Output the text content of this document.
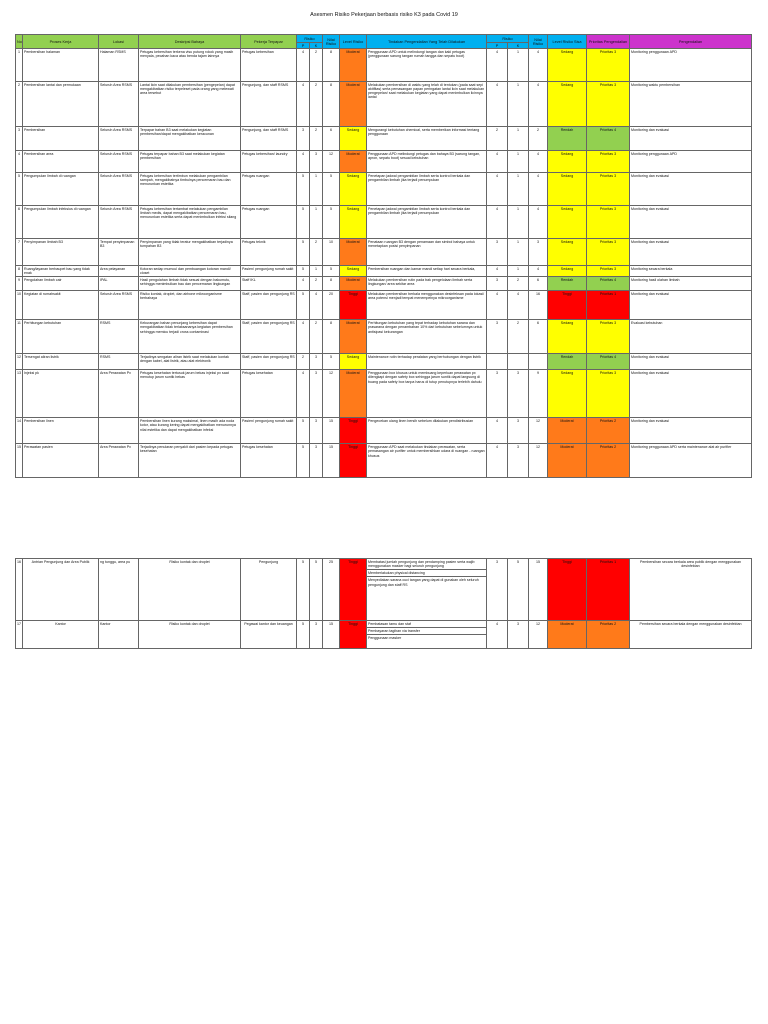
Asesmen Risiko Pekerjaan berbasis risiko K3 pada Covid 19
No	Proses Kerja	Lokasi	Deskripsi Bahaya	Pekerja Terpapar	Risiko		Nilai Risiko	Level Risiko	Tindakan Pengendalian Yang Telah Dilakukan	Risiko		Nilai Risiko	Level Risiko Sisa	Prioritas Pengendalian	Pengendalian
					P	K				P	K				
1	Pembersihan halaman	Halaman RSMS	Petugas kebersihan terkena visu putung rokok yang masih menyala, pecahan kaca atau benda tajam lainnya	Petugas kebersihan	4	2	8	Moderat	Penggunaan APD untuk melindungi tangan dan kaki petugas (penggunaan sarung tangan rumah tangga dan sepatu boot)	4	1	4	Sedang	Prioritas 3	Monitoring penggunaan APD
2	Pembersihan lantai dan permukaan	Seluruh Area RSMS	Lantai licin saat dilakukan pembersihan (pengepelan) dapat mengakibatkan risiko terpeleset pada orang yang melewati area tersebut	Pengunjung, dan staff RSMS	4	2	8	Moderat	Melakukan pembersihan di waktu yang telah di tentukan (pada saat sepi aktifitas) serta pemasangan papan peringatan lantai licin saat melakukan pengepelan/ saat melakukan kegiatan yang dapat menimbulkan licinnya lantai	4	1	4	Sedang	Prioritas 3	Monitoring waktu pembersihan
3	Pembersihan	Seluruh Area RSMS	Terpapar bahan B3 saat melakukan kegiatan pembersihan/dapat mengakibatkan keracunan	Pengunjung, dan staff RSMS	3	2	6	Sedang	Mengurangi kebutuhan chemical, serta memberikan informasi tentang penggunaan	2	1	2	Rendah	Prioritas 4	Monitoring dan evaluasi
4	Pembersihan area	Seluruh Area RSMS	Petugas terpapar bahan B3 saat melakukan kegiatan pembersihan	Petugas kebersihan/ laundry	4	3	12	Moderat	Penggunaan APD melindungi petugas dan bahaya B3 (sarung tangan, apron, sepatu boot) sesuai kebutuhan	4	1	4	Sedang	Prioritas 3	Monitoring penggunaan APD
5	Pengumpulan limbah di ruangan	Seluruh Area RSMS	Petugas kebersihan tertimbun melakukan pengambilan sampah, mengakibatnya timbulnya pencemaran bau dan menurunkan estetika	Petugas ruangan	5	1	5	Sedang	Penetapan jadwal pengambilan limbah serta kontrol berkala dan pengambilan limbah jika terjadi penumpukan	4	1	4	Sedang	Prioritas 3	Monitoring dan evaluasi
6	Pengumpulan limbah infeksius di ruangan	Seluruh Area RSMS	Petugas kebersihan tertambat melakukan pengambilan limbah medis, dapat mengakibatkan pencemaran bau, menurunkan estetika serta dapat menimbulkan infeksi silang	Petugas ruangan	5	1	5	Sedang	Penetapan jadwal pengambilan limbah serta kontrol berkala dan pengambilan limbah jika terjadi penumpukan	4	1	4	Sedang	Prioritas 3	Monitoring dan evaluasi
7	Penyimpanan limbah B3	Tempat penyimpanan B3	Penyimpanan yang tidak teratur mengakibatkan terjadinya tumpahan B3	Petugas teknik	5	2	10	Moderat	Penataan ruangan B3 dengan penamaan dan simbol bahaya untuk menetapkan posisi penyimpanan	3	1	3	Sedang	Prioritas 3	Monitoring dan evaluasi
8	Ruang/layanan berbaupet bau yang tidak enak	Area pelayanan	Kotoran sedap mumcul dan pembuangan kotoran mandi/ closet	Pasien/ pengunjung rumah sakit	5	1	5	Sedang	Pembersihan ruangan dan kamar mandi setiap hari secara berkala,	4	1	4	Sedang	Prioritas 3	Monitoring secara berkala
9	Pengolahan limbah cair	IPAL	Hasil pengolahan limbah tidak sesuai dengan bakumutu, sehingga menimbulkan bau dan pencemaran lingkungan	Staff IKL	4	2	8	Moderat	Melakukan pembersihan rutin pada bak pengelolaan limbah serta lingkungan/ area sekitar area	3	2	6	Rendah	Prioritas 4	Monitoring hasil olahan limbah
10	Kegiatan di rumahsakit	Seluruh Area RSMS	Risiko kontak, droplet, dan airbone mikroorganisme berbahaya	Staff, pasien dan pengunjung RS	5	4	20	Tinggi	Melakukan pembersihan berkala menggunakan desinfeksan pada lokasi/ area potensi menjadi tempat menempelnya mikroorganisme	4	4	16	Tinggi	Prioritas 1	Monitoring dan evaluasi
11	Perhitungan kebutuhan	RSMS	Kekurangan bahan penunjang kebersihan dapat mengakibatkan tidak terlaksananya kegiatan pembersihan sehingga memicu terjadi cross contaminasi	Staff, pasien dan pengunjung RS	4	2	8	Moderat	Perhitungan kebutuhan yang tepat terhadap kebutuhan sarana dan prasarana dengan penambahan 10% dari kebutuhan sebelumnya untuk antisipasi kekurangan	3	2	6	Sedang	Prioritas 3	Evaluasi kebutuhan
12	Tersengat aliran listrik	RSMS	Terjadinya sengatan aliran listrik saat melakukan kontak dengan kabel, alat listrik, atau alat elektronik	Staff, pasien dan pengunjung RS	2	3	5	Sedang	Maintenance rutin terhadap peralatan yang berhubungan dengan listrik				Rendah	Prioritas 4	Monitoring dan evaluasi
13	Injeksi pk	Area Perawatan Px	Petugas kesehatan tertusuk jarum bekas injeksi px saat menutup jarum suntik bekas	Petugas kesehatan	4	3	12	Moderat	Penggunaan box khusus untuk membuang keperluan perawatan px dilengkapi dengan safety box sehingga jarum suntik dapat langsung di buang pada safety box tanpa harus di tutup penutupnya terlebih dahulu	3	3	9	Sedang	Prioritas 3	Monitoring dan evaluasi
14	Pembersihan linen		Pembersihan linen kurang maksimal, linen masih ada noda kotor, atau kurang kering dapat mengakibatkan menurunnya nilai estetika dan dapat mengakibatkan infeksi	Pasien/ pengunjung rumah sakit	5	3	15	Tinggi	Pengecekan ulang linen bersih sebelum dilakukan pendistribusian	4	3	12	Moderat	Prioritas 2	Monitoring dan evaluasi
15	Perawatan pasien	Area Perawatan Px	Terjadinya penularan penyakit dari pasien kepada petugas kesehatan	Petugas kesehatan	5	3	15	Tinggi	Penggunaan APD saat melakukan tindakan perawatan, serta pemasangan air purifier untuk membersihkan udara di ruangan - ruangan khusus	4	3	12	Moderat	Prioritas 2	Monitoring penggunaan APD serta maintenance alat air purifier
16	Antrian Pengunjung dan Area Publik	ng tunggu, area pu	Risiko kontak dan droplet	Pengunjung	5	5	25	Tinggi	Membatasi jumlah pengunjung dan pendamping pasien serta wajib menggunakan masker bagi seluruh pengunjung
Memberlakukan physical distancing
Menyediakan sarana cuci tangan yang dapat di gunakan oleh seluruh pengunjung dan staff RS	3	5	15	Tinggi	Prioritas 1	Pembersihan secara berkala area publik dengan menggunakan desinfektan
17	Kantor	Kantor	Risiko kontak dan droplet	Pegawai kantor dan keuangan	5	3	15	Tinggi	Pembatasan tamu dan staf
Pembayaran tagihan via transfer
Penggunaan masker	4	3	12	Moderat	Prioritas 2	Pembersihan secara berkala dengan menggunakan desinfektan
